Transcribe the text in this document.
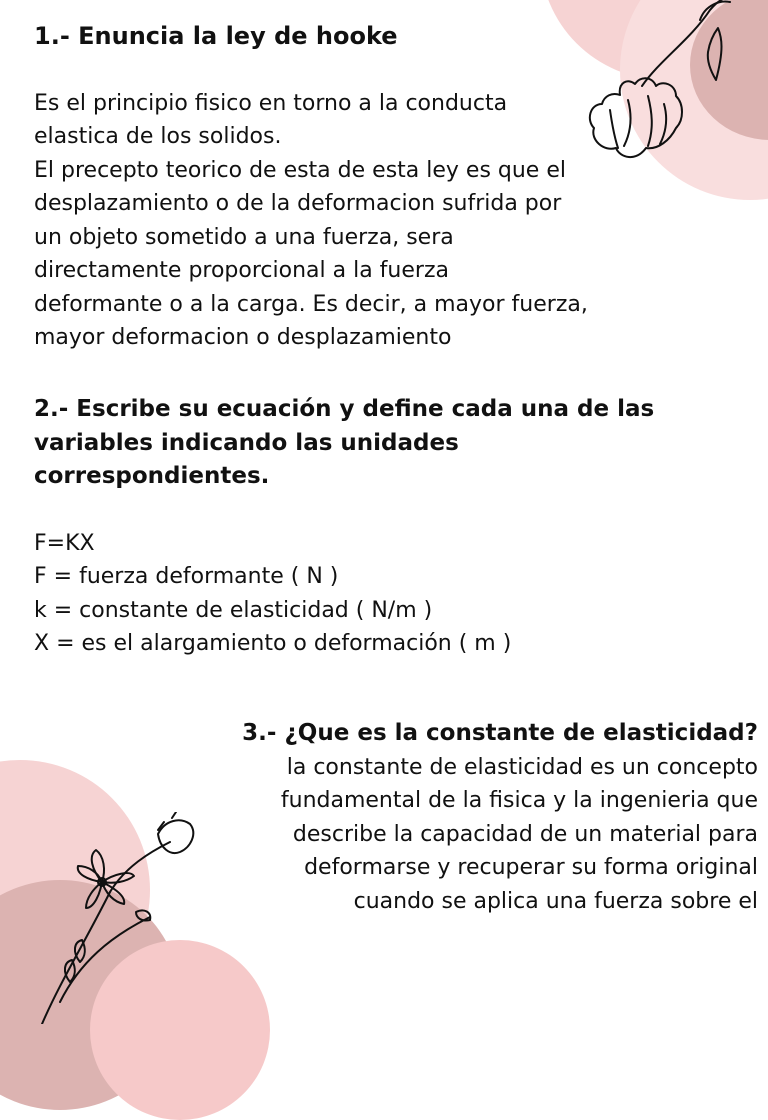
1.- Enuncia la ley de hooke

Es el principio fisico en torno a la conducta
elastica de los solidos.
El precepto teorico de esta de esta ley es que el
desplazamiento o de la deformacion sufrida por
un objeto sometido a una fuerza, sera
directamente proporcional a la fuerza
deformante o a la carga. Es decir, a mayor fuerza,
mayor deformacion o desplazamiento

2.- Escribe su ecuación y define cada una de las
variables indicando las unidades
correspondientes.

F=KX
F = fuerza deformante ( N )
k = constante de elasticidad ( N/m )
X = es el alargamiento o deformación ( m )

3.- ¿Que es la constante de elasticidad?

la constante de elasticidad es un concepto
fundamental de la fisica y la ingenieria que
describe la capacidad de un material para
deformarse y recuperar su forma original
cuando se aplica una fuerza sobre el
